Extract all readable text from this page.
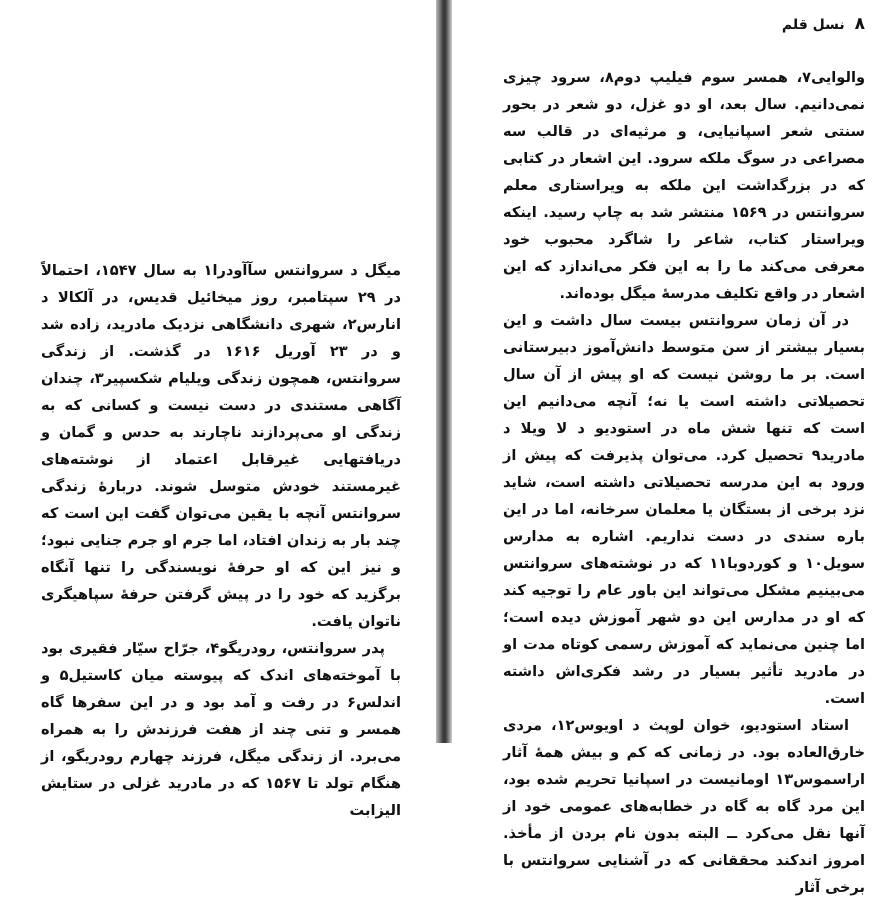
میگل د سروانتس سآآودرا۱ به سال ۱۵۴۷، احتمالاً در ۲۹ سپتامبر، روز میخائیل قدیس، در آلکالا د انارس۲، شهری دانشگاهی نزدیک مادرید، زاده شد و در ۲۳ آوریل ۱۶۱۶ در گذشت. از زندگی سروانتس، همچون زندگی ویلیام شکسپیر۳، چندان آگاهی مستندی در دست نیست و کسانی که به زندگی او می‌پردازند ناچارند به حدس و گمان و دریافتهایی غیرقابل اعتماد از نوشته‌های غیرمستند خودش متوسل شوند. دربارهٔ زندگی سروانتس آنچه با یقین می‌توان گفت این است که چند بار به زندان افتاد، اما جرم او جرم جنایی نبود؛ و نیز این که او حرفهٔ نویسندگی را تنها آنگاه برگزید که خود را در پیش گرفتن حرفهٔ سپاهیگری ناتوان یافت.

پدر سروانتس، رودریگو۴، جرّاح سیّار فقیری بود با آموخته‌های اندک که پیوسته میان کاستیل۵ و اندلس۶ در رفت و آمد بود و در این سفرها گاه همسر و تنی چند از هفت فرزندش را به همراه می‌برد. از زندگی میگل، فرزند چهارم رودریگو، از هنگام تولد تا ۱۵۶۷ که در مادرید غزلی در ستایش الیزابت

۸
نسل قلم

والوایی۷، همسر سوم فیلیپ دوم۸، سرود چیزی نمی‌دانیم. سال بعد، او دو غزل، دو شعر در بحور سنتی شعر اسپانیایی، و مرثیه‌ای در قالب سه مصراعی در سوگ ملکه سرود. این اشعار در کتابی که در بزرگداشت این ملکه به ویراستاری معلم سروانتس در ۱۵۶۹ منتشر شد به چاپ رسید. اینکه ویراستار کتاب، شاعر را شاگرد محبوب خود معرفی می‌کند ما را به این فکر می‌اندازد که این اشعار در واقع تکلیف مدرسهٔ میگل بوده‌اند.

در آن زمان سروانتس بیست سال داشت و این بسیار بیشتر از سن متوسط دانش‌آموز دبیرستانی است. بر ما روشن نیست که او پیش از آن سال تحصیلاتی داشته است یا نه؛ آنچه می‌دانیم این است که تنها شش ماه در استودیو د لا ویلا د مادرید۹ تحصیل کرد. می‌توان پذیرفت که پیش از ورود به این مدرسه تحصیلاتی داشته است، شاید نزد برخی از بستگان یا معلمان سرخانه، اما در این باره سندی در دست نداریم. اشاره به مدارس سویل۱۰ و کوردوبا۱۱ که در نوشته‌های سروانتس می‌بینیم مشکل می‌تواند این باور عام را توجیه کند که او در مدارس این دو شهر آموزش دیده است؛ اما چنین می‌نماید که آموزش رسمی کوتاه مدت او در مادرید تأثیر بسیار در رشد فکری‌اش داشته است.

استاد استودیو، خوان لوپث د اویوس۱۲، مردی خارق‌العاده بود. در زمانی که کم و بیش همهٔ آثار اراسموس۱۳ اومانیست در اسپانیا تحریم شده بود، این مرد گاه به گاه در خطابه‌های عمومی خود از آنها نقل می‌کرد ــ البته بدون نام بردن از مأخذ. امروز اندکند محققانی که در آشنایی سروانتس با برخی آثار
